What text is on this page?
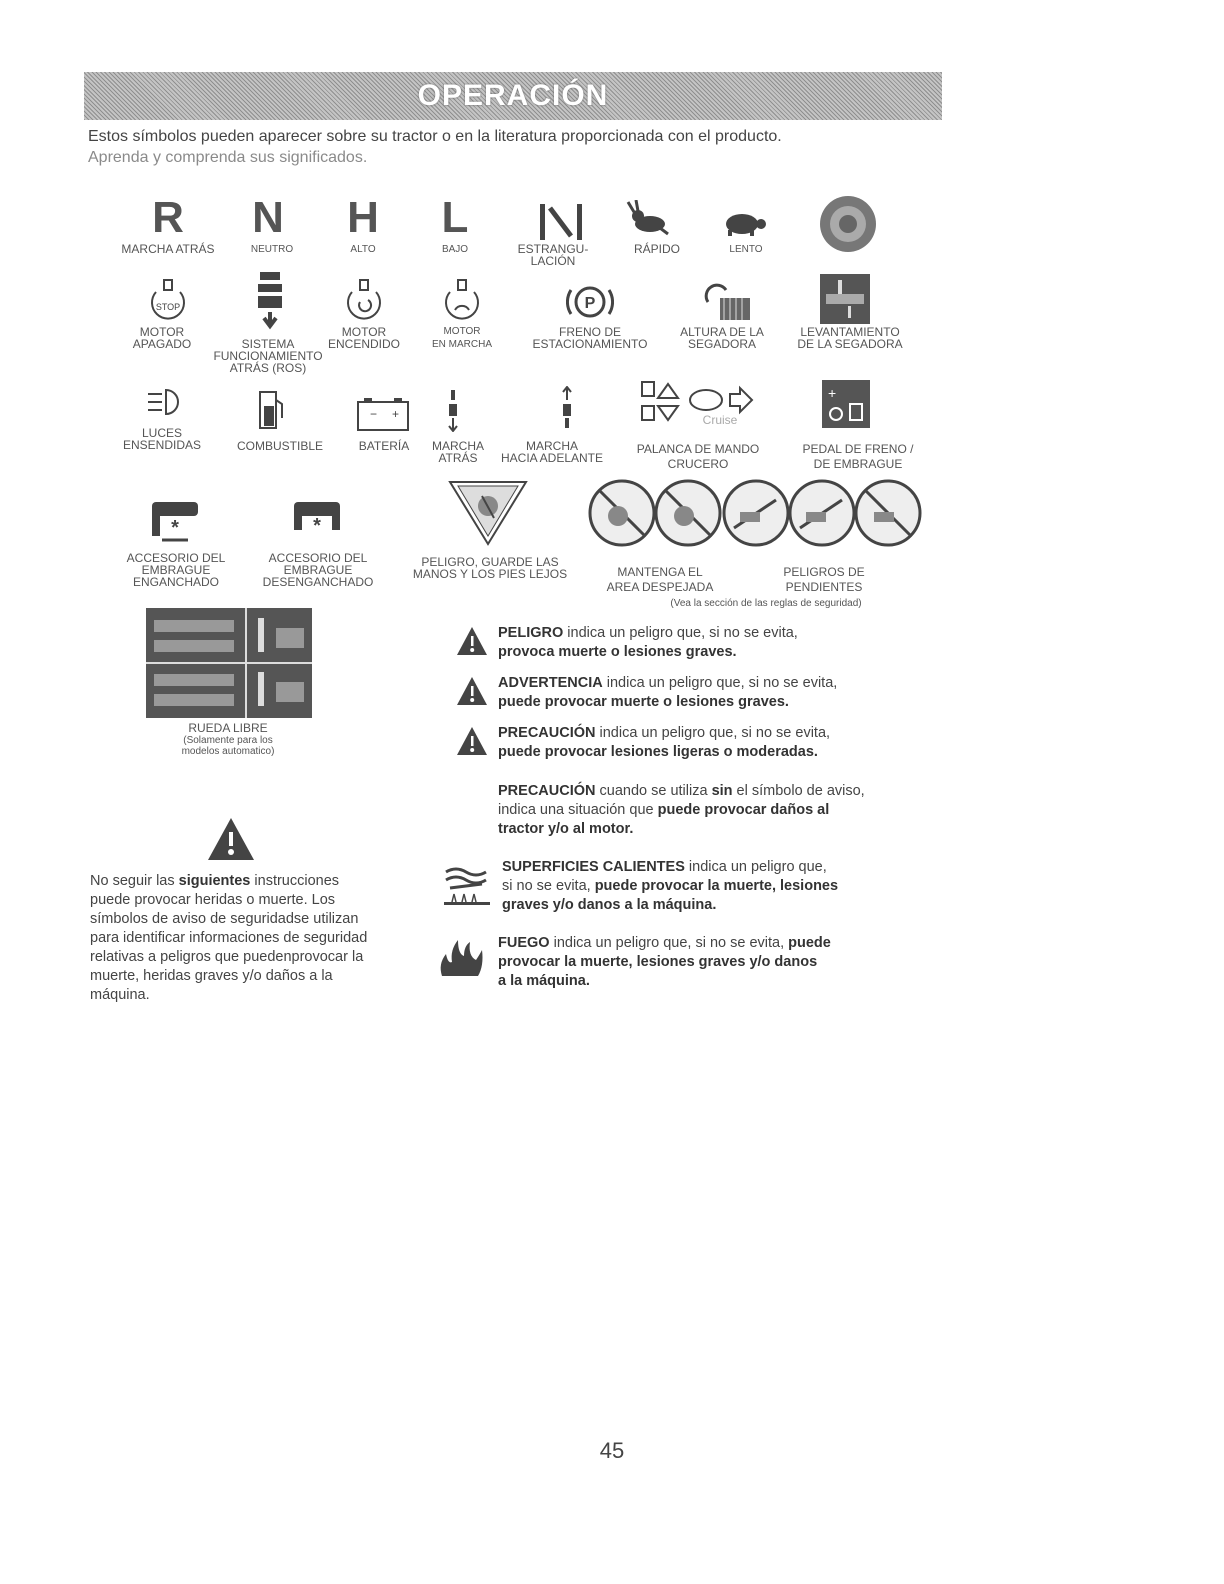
OPERACIÓN
Estos símbolos pueden aparecer sobre su tractor o en la literatura proporcionada con el producto.
Aprenda y comprenda sus significados.
R N H L
MARCHA ATRÁS	NEUTRO	ALTO	BAJO	ESTRANGU-
LACIÓN
RÁPIDO	LENTO
STOP	P
MOTOR
APAGADO	SISTEMA
FUNCIONAMIENTO
ATRÁS (ROS)
MOTOR
ENCENDIDO
MOTOR
EN MARCHA
FRENO DE
ESTACIONAMIENTO
ALTURA DE LA
SEGADORA
LEVANTAMIENTO
DE LA SEGADORA
− +	Cruise
+
LUCES
ENSENDIDAS	COMBUSTIBLE	BATERÍA MARCHA
ATRÁS
MARCHA
HACIA ADELANTE
PALANCA DE MANDO
CRUCERO
PEDAL DE FRENO /
DE EMBRAGUE
*	*
ACCESORIO DEL
EMBRAGUE
ENGANCHADO
ACCESORIO DEL
EMBRAGUE
DESENGANCHADO
PELIGRO, GUARDE LAS
MANOS Y LOS PIES LEJOS	MANTENGA EL
AREA DESPEJADA
PELIGROS DE
PENDIENTES
(Vea la sección de las reglas de seguridad)
RUEDA LIBRE
(Solamente para los
modelos automatico)
No seguir las siguientes instrucciones
puede provocar heridas o muerte. Los
símbolos de aviso de seguridadse utilizan
para identificar informaciones de seguridad
relativas a peligros que puedenprovocar la
muerte, heridas graves y/o daños a la
máquina.
PELIGRO indica un peligro que, si no se evita,
provoca muerte o lesiones graves.
ADVERTENCIA indica un peligro que, si no se evita,
puede provocar muerte o lesiones graves.
PRECAUCIÓN indica un peligro que, si no se evita,
puede provocar lesiones ligeras o moderadas.
PRECAUCIÓN cuando se utiliza sin el símbolo de aviso,
indica una situación que puede provocar daños al
tractor y/o al motor.
SUPERFICIES CALIENTES indica un peligro que,
si no se evita, puede provocar la muerte, lesiones
graves y/o danos a la máquina.
FUEGO indica un peligro que, si no se evita, puede
provocar la muerte, lesiones graves y/o danos
a la máquina.
45
